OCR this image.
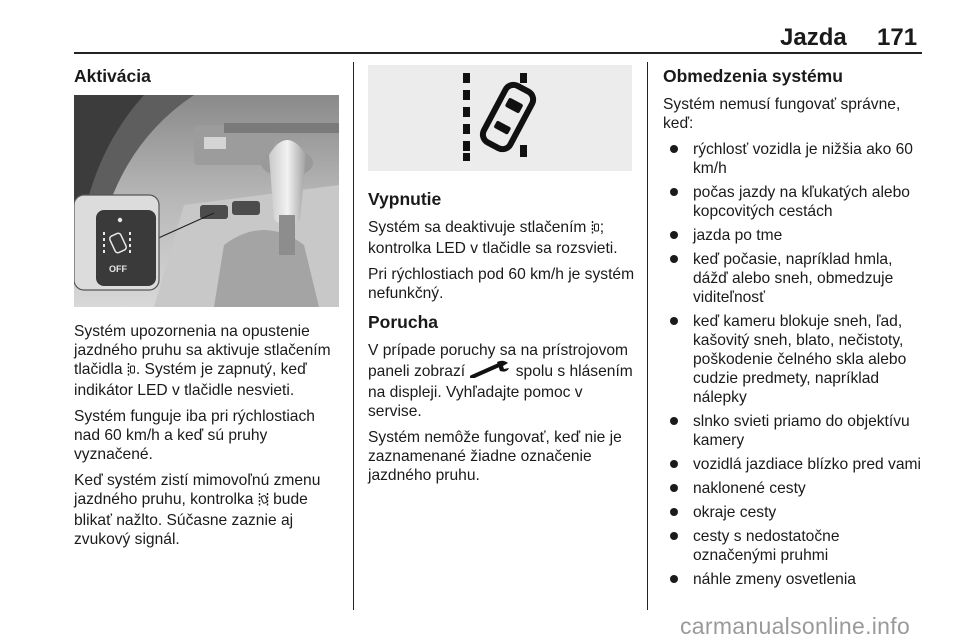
Jazda 171
Aktivácia
OFF

Systém upozornenia na opustenie jazdného pruhu sa aktivuje stlačením tlačidla . Systém je zapnutý, keď indikátor LED v tlačidle nesvieti.

Systém funguje iba pri rýchlostiach nad 60 km/h a keď sú pruhy vyznačené.

Keď systém zistí mimovoľnú zmenu jazdného pruhu, kontrolka  bude blikať nažlto. Súčasne zaznie aj zvukový signál.

Vypnutie

Systém sa deaktivuje stlačením ; kontrolka LED v tlačidle sa rozsvieti.

Pri rýchlostiach pod 60 km/h je systém nefunkčný.

Porucha

V prípade poruchy sa na prístrojovom paneli zobrazí	spolu s hlásením na displeji. Vyhľadajte pomoc v servise.

Systém nemôže fungovať, keď nie je zaznamenané žiadne označenie jazdného pruhu.

Obmedzenia systému

Systém nemusí fungovať správne, keď:

rýchlosť vozidla je nižšia ako 60 km/h
počas jazdy na kľukatých alebo kopcovitých cestách
jazda po tme
keď počasie, napríklad hmla, dážď alebo sneh, obmedzuje viditeľnosť
keď kameru blokuje sneh, ľad, kašovitý sneh, blato, nečistoty, poškodenie čelného skla alebo cudzie predmety, napríklad nálepky
slnko svieti priamo do objektívu kamery
vozidlá jazdiace blízko pred vami
naklonené cesty
okraje cesty
cesty s nedostatočne označenými pruhmi
náhle zmeny osvetlenia
carmanualsonline.info
